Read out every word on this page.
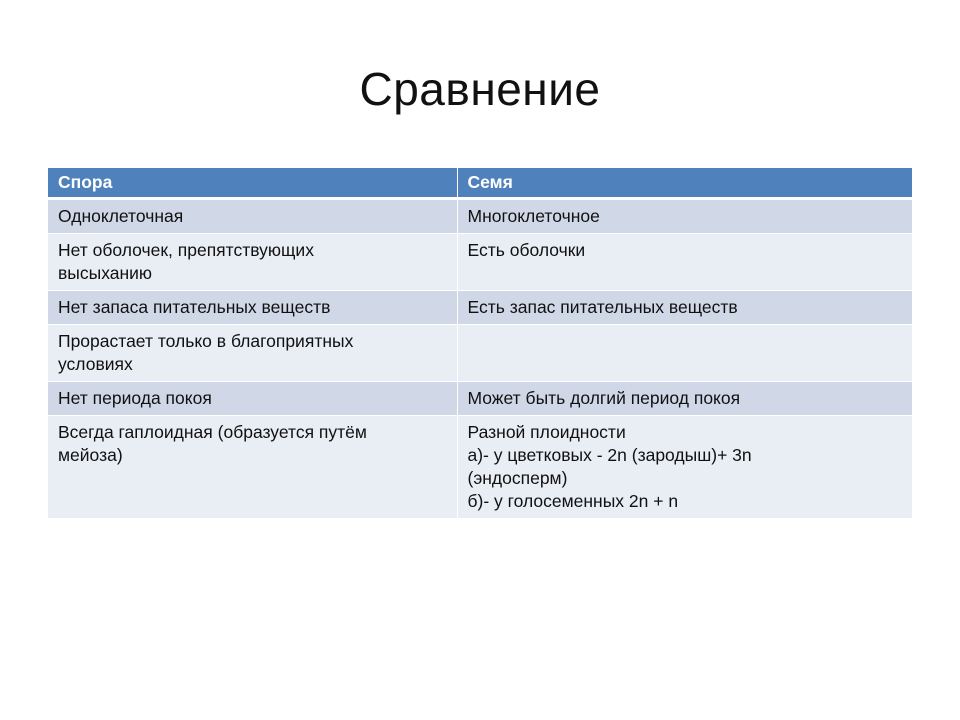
Сравнение
Спора	Семя

Одноклеточная	Многоклеточное

Нет оболочек, препятствующих
высыханию	Есть оболочки

Нет запаса питательных веществ	Есть запас питательных веществ

Прорастает только в благоприятных
условиях	

Нет периода покоя	Может быть долгий период покоя

Всегда гаплоидная (образуется путём
мейоза)	Разной плоидности
а)- у цветковых - 2n (зародыш)+ 3n
(эндосперм)
б)- у голосеменных 2n + n
